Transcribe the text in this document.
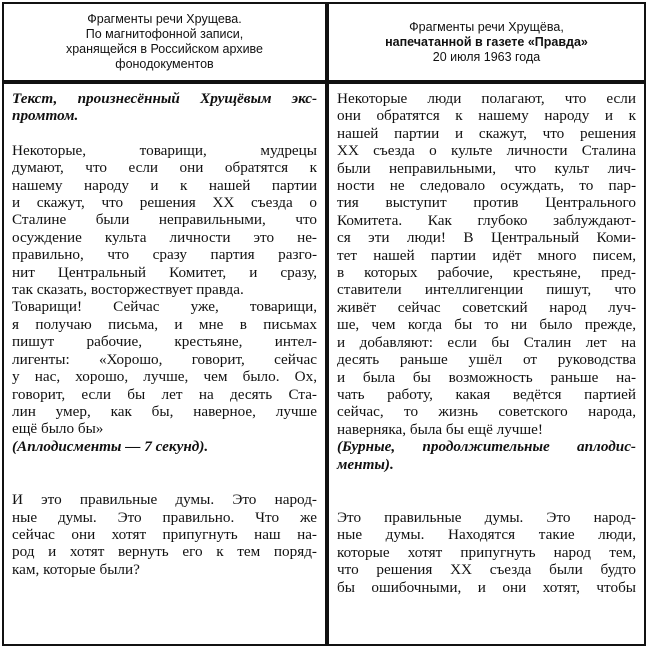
Фрагменты речи Хрущева.
По магнитофонной записи,
хранящейся в Российском архиве
фонодокументов
Текст, произнесённый Хрущёвым экс-
промтом.
Некоторые, товарищи, мудрецы
думают, что если они обратятся к
нашему народу и к нашей партии
и скажут, что решения XX съезда о
Сталине были неправильными, что
осуждение культа личности это не-
правильно, что сразу партия разго-
нит Центральный Комитет, и сразу,
так сказать, восторжествует правда.
Товарищи! Сейчас уже, товарищи,
я получаю письма, и мне в письмах
пишут рабочие, крестьяне, интел-
лигенты: «Хорошо, говорит, сейчас
у нас, хорошо, лучше, чем было. Ох,
говорит, если бы лет на десять Ста-
лин умер, как бы, наверное, лучше
ещё было бы»
(Аплодисменты — 7 секунд).
И это правильные думы. Это народ-
ные думы. Это правильно. Что же
сейчас они хотят припугнуть наш на-
род и хотят вернуть его к тем поряд-
кам, которые были?
Фрагменты речи Хрущёва,
напечатанной в газете «Правда»
20 июля 1963 года
Некоторые люди полагают, что если
они обратятся к нашему народу и к
нашей партии и скажут, что решения
XX съезда о культе личности Сталина
были неправильными, что культ лич-
ности не следовало осуждать, то пар-
тия выступит против Центрального
Комитета. Как глубоко заблуждают-
ся эти люди! В Центральный Коми-
тет нашей партии идёт много писем,
в которых рабочие, крестьяне, пред-
ставители интеллигенции пишут, что
живёт сейчас советский народ луч-
ше, чем когда бы то ни было прежде,
и добавляют: если бы Сталин лет на
десять раньше ушёл от руководства
и была бы возможность раньше на-
чать работу, какая ведётся партией
сейчас, то жизнь советского народа,
наверняка, была бы ещё лучше!
(Бурные, продолжительные аплодис-
менты).
Это правильные думы. Это народ-
ные думы. Находятся такие люди,
которые хотят припугнуть народ тем,
что решения XX съезда были будто
бы ошибочными, и они хотят, чтобы
